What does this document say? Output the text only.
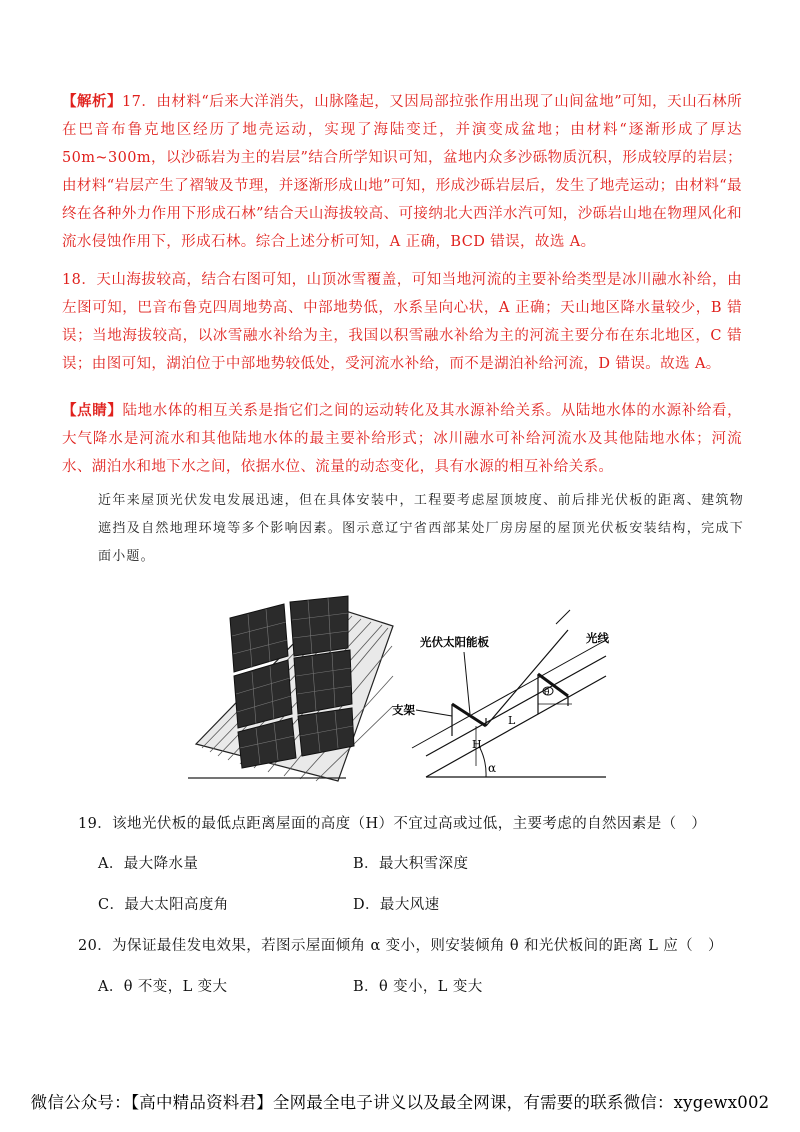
【解析】17．由材料“后来大洋消失，山脉隆起，又因局部拉张作用出现了山间盆地”可知，天山石林所在巴音布鲁克地区经历了地壳运动，实现了海陆变迁，并演变成盆地；由材料“逐渐形成了厚达 50m~300m，以沙砾岩为主的岩层”结合所学知识可知，盆地内众多沙砾物质沉积，形成较厚的岩层；由材料“岩层产生了褶皱及节理，并逐渐形成山地”可知，形成沙砾岩层后，发生了地壳运动；由材料“最终在各种外力作用下形成石林”结合天山海拔较高、可接纳北大西洋水汽可知，沙砾岩山地在物理风化和流水侵蚀作用下，形成石林。综合上述分析可知，A 正确，BCD 错误，故选 A。
18．天山海拔较高，结合右图可知，山顶冰雪覆盖，可知当地河流的主要补给类型是冰川融水补给，由左图可知，巴音布鲁克四周地势高、中部地势低，水系呈向心状，A 正确；天山地区降水量较少，B 错误；当地海拔较高，以冰雪融水补给为主，我国以积雪融水补给为主的河流主要分布在东北地区，C 错误；由图可知，湖泊位于中部地势较低处，受河流水补给，而不是湖泊补给河流，D 错误。故选 A。
【点睛】陆地水体的相互关系是指它们之间的运动转化及其水源补给关系。从陆地水体的水源补给看，大气降水是河流水和其他陆地水体的最主要补给形式；冰川融水可补给河流水及其他陆地水体；河流水、湖泊水和地下水之间，依据水位、流量的动态变化，具有水源的相互补给关系。
近年来屋顶光伏发电发展迅速，但在具体安装中，工程要考虑屋顶坡度、前后排光伏板的距离、建筑物遮挡及自然地理环境等多个影响因素。图示意辽宁省西部某处厂房房屋的屋顶光伏板安装结构，完成下面小题。
α
H
L
θ
光伏太阳能板	光线
支架
19．该地光伏板的最低点距离屋面的高度（H）不宜过高或过低，主要考虑的自然因素是（　）
A．最大降水量	B．最大积雪深度
C．最大太阳高度角	D．最大风速
20．为保证最佳发电效果，若图示屋面倾角 α 变小，则安装倾角 θ 和光伏板间的距离 L 应（　）
A．θ 不变，L 变大	B．θ 变小，L 变大
微信公众号：【高中精品资料君】全网最全电子讲义以及最全网课，有需要的联系微信：xygewx002
